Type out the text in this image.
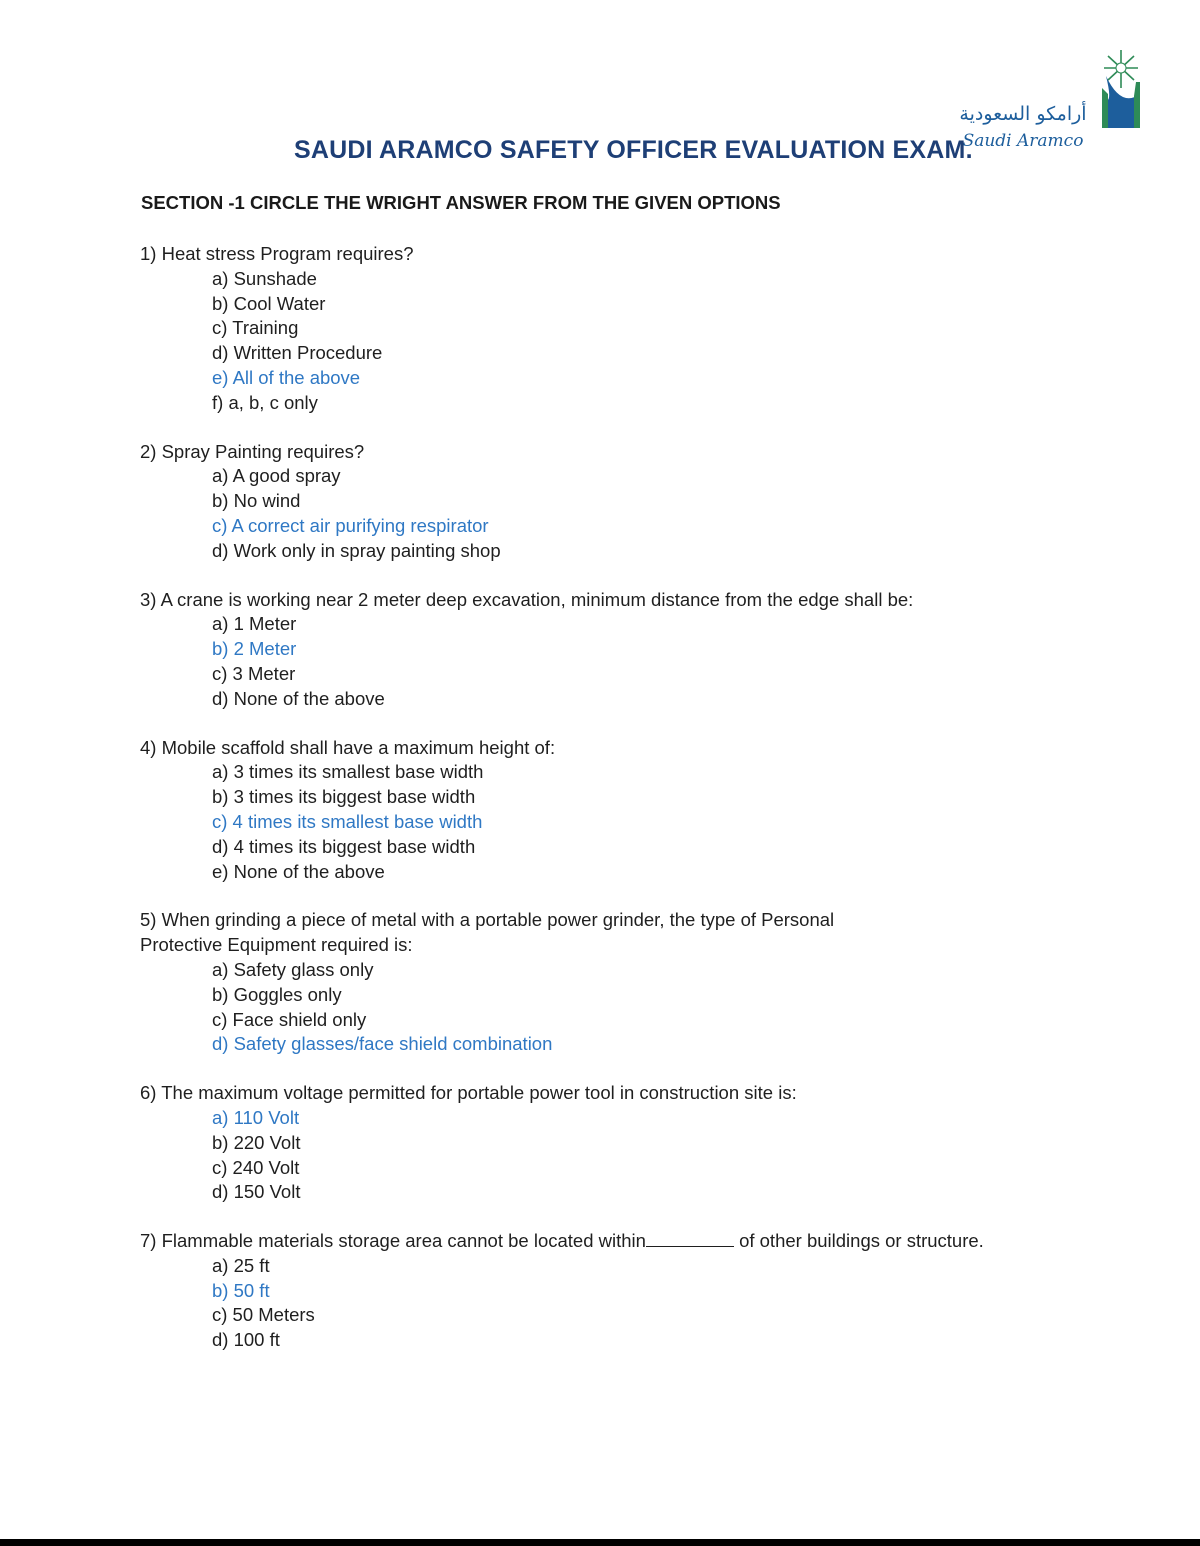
أرامكو السعودية
Saudi Aramco
SAUDI ARAMCO SAFETY OFFICER EVALUATION EXAM.
SECTION -1 CIRCLE THE WRIGHT ANSWER FROM THE GIVEN OPTIONS
1) Heat stress Program requires?
a) Sunshade
b) Cool Water
c) Training
d) Written Procedure
e) All of the above
f) a, b, c only
2) Spray Painting requires?
a) A good spray
b) No wind
c) A correct air purifying respirator
d) Work only in spray painting shop
3) A crane is working near 2 meter deep excavation, minimum distance from the edge shall be:
a) 1 Meter
b) 2 Meter
c) 3 Meter
d) None of the above
4) Mobile scaffold shall have a maximum height of:
a) 3 times its smallest base width
b) 3 times its biggest base width
c) 4 times its smallest base width
d) 4 times its biggest base width
e) None of the above
5) When grinding a piece of metal with a portable power grinder, the type of Personal Protective Equipment required is:
a) Safety glass only
b) Goggles only
c) Face shield only
d) Safety glasses/face shield combination
6) The maximum voltage permitted for portable power tool in construction site is:
a) 110 Volt
b) 220 Volt
c) 240 Volt
d) 150 Volt
7) Flammable materials storage area cannot be located within	of other buildings or structure.
a) 25 ft
b) 50 ft
c) 50 Meters
d) 100 ft
